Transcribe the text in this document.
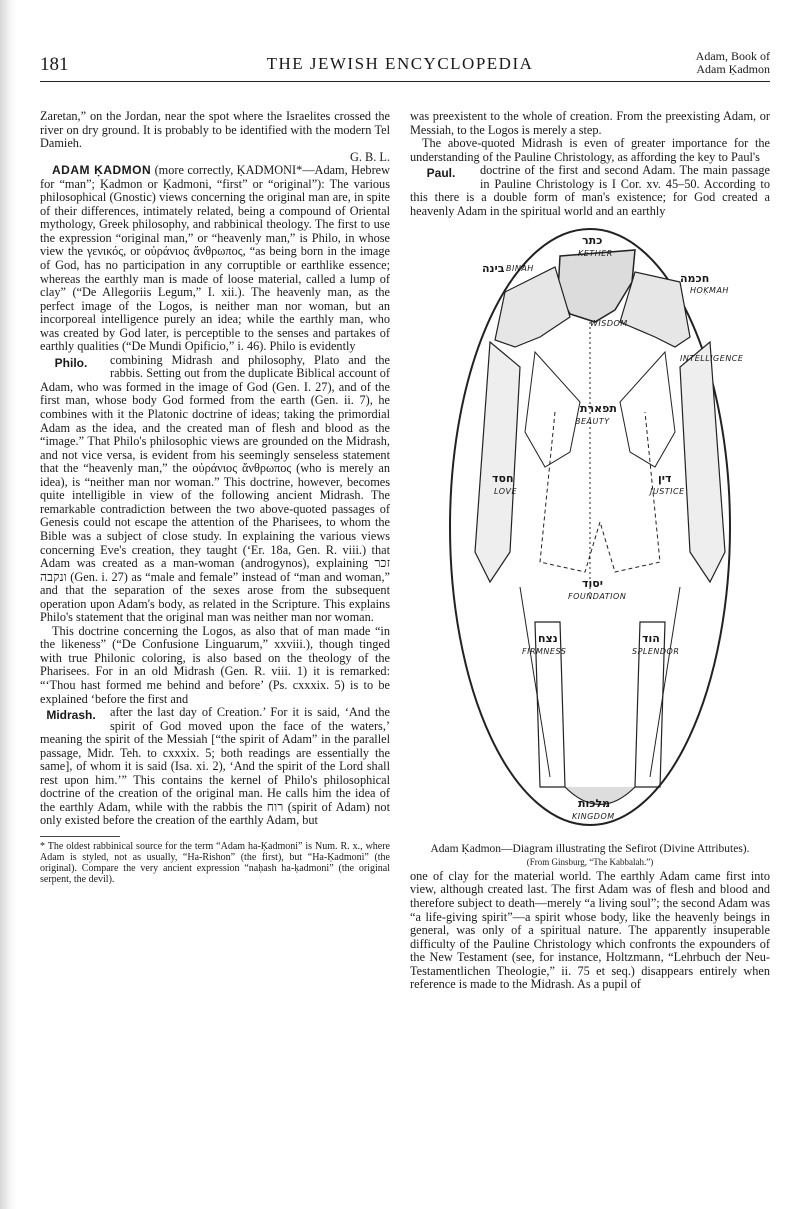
181	THE JEWISH ENCYCLOPEDIA	Adam, Book of
Adam Ḳadmon

Zaretan,” on the Jordan, near the spot where the Israelites crossed the river on dry ground. It is probably to be identified with the modern Tel Damieh.

G. B. L.

ADAM ḲADMON (more correctly, ḲADMONI*—Adam, Hebrew for “man”; Ḳadmon or Ḳadmoni, “first” or “original”): The various philosophical (Gnostic) views concerning the original man are, in spite of their differences, intimately related, being a compound of Oriental mythology, Greek philosophy, and rabbinical theology. The first to use the expression “original man,” or “heavenly man,” is Philo, in whose view the γενικός, or οὐράνιος ἄνθρωπος, “as being born in the image of God, has no participation in any corruptible or earthlike essence; whereas the earthly man is made of loose material, called a lump of clay” (“De Allegoriis Legum,” I. xii.). The heavenly man, as the perfect image of the Logos, is neither man nor woman, but an incorporeal intelligence purely an idea; while the earthly man, who was created by God later, is perceptible to the senses and partakes of earthly qualities (“De Mundi Opificio,” i. 46). Philo is evidently

Philo.	combining Midrash and philosophy, Plato and the rabbis. Setting out from the duplicate Biblical account of Adam, who was formed in the image of God (Gen. I. 27), and of the first man, whose body God formed from the earth (Gen. ii. 7), he combines with it the Platonic doctrine of ideas; taking the primordial Adam as the idea, and the created man of flesh and blood as the “image.” That Philo's philosophic views are grounded on the Midrash, and not vice versa, is evident from his seemingly senseless statement that the “heavenly man,” the οὐράνιος ἄνθρωπος (who is merely an idea), is “neither man nor woman.” This doctrine, however, becomes quite intelligible in view of the following ancient Midrash. The remarkable contradiction between the two above-quoted passages of Genesis could not escape the attention of the Pharisees, to whom the Bible was a subject of close study. In explaining the various views concerning Eve's creation, they taught (‘Er. 18a, Gen. R. viii.) that Adam was created as a man-woman (androgynos), explaining זכר ונקבה (Gen. i. 27) as “male and female” instead of “man and woman,” and that the separation of the sexes arose from the subsequent operation upon Adam's body, as related in the Scripture. This explains Philo's statement that the original man was neither man nor woman.

This doctrine concerning the Logos, as also that of man made “in the likeness” (“De Confusione Linguarum,” xxviii.), though tinged with true Philonic coloring, is also based on the theology of the Pharisees. For in an old Midrash (Gen. R. viii. 1) it is remarked: “‘Thou hast formed me behind and before’ (Ps. cxxxix. 5) is to be explained ‘before the first and

Midrash.	after the last day of Creation.’ For it is said, ‘And the spirit of God moved upon the face of the waters,’ meaning the spirit of the Messiah [“the spirit of Adam” in the parallel passage, Midr. Teh. to cxxxix. 5; both readings are essentially the same], of whom it is said (Isa. xi. 2), ‘And the spirit of the Lord shall rest upon him.’” This contains the kernel of Philo's philosophical doctrine of the creation of the original man. He calls him the idea of the earthly Adam, while with the rabbis the רוח (spirit of Adam) not only existed before the creation of the earthly Adam, but

* The oldest rabbinical source for the term “Adam ha-Ḳadmoni” is Num. R. x., where Adam is styled, not as usually, “Ha-Rishon” (the first), but “Ha-Ḳadmoni” (the original). Compare the very ancient expression “naḥash ha-ḳadmoni” (the original serpent, the devil).

was preexistent to the whole of creation. From the preexisting Adam, or Messiah, to the Logos is merely a step.

The above-quoted Midrash is even of greater importance for the understanding of the Pauline Christology, as affording the key to Paul's

Paul.	doctrine of the first and second Adam. The main passage in Pauline Christology is I Cor. xv. 45–50. According to this there is a double form of man's existence; for God created a heavenly Adam in the spiritual world and an earthly

כתר
KETHER
בינה BINAH
חכמה
HOḲMAH
INTELLIGENCE
תפארת
BEAUTY
חסד
LOVE
דין
JUSTICE
יסוד
FOUNDATION
נצח
FIRMNESS
הוד
SPLENDOR
מלכות
KINGDOM
WISDOM

Adam Ḳadmon—Diagram illustrating the Sefirot (Divine Attributes).

(From Ginsburg, “The Kabbalah.”)

one of clay for the material world. The earthly Adam came first into view, although created last. The first Adam was of flesh and blood and therefore subject to death—merely “a living soul”; the second Adam was “a life-giving spirit”—a spirit whose body, like the heavenly beings in general, was only of a spiritual nature. The apparently insuperable difficulty of the Pauline Christology which confronts the expounders of the New Testament (see, for instance, Holtzmann, “Lehrbuch der Neu-Testamentlichen Theologie,” ii. 75 et seq.) disappears entirely when reference is made to the Midrash. As a pupil of
